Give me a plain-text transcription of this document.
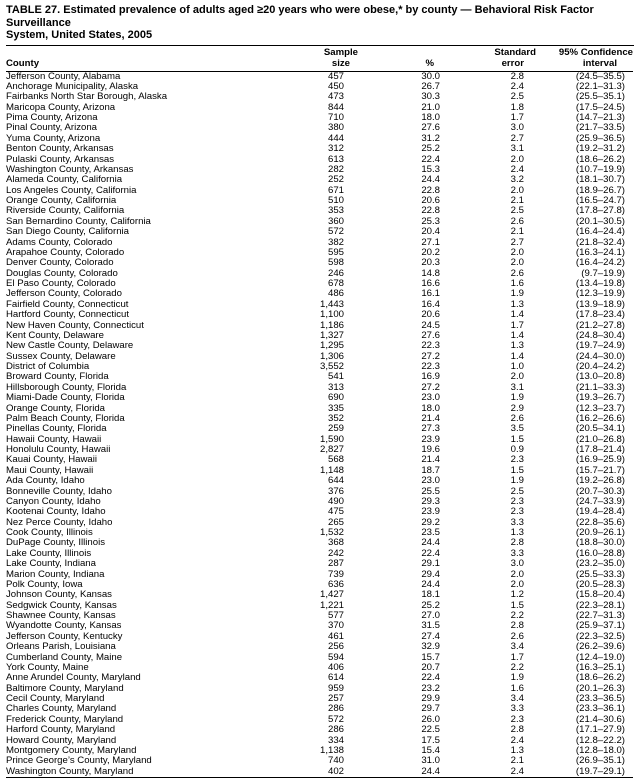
TABLE 27. Estimated prevalence of adults aged ≥20 years who were obese,* by county — Behavioral Risk Factor Surveillance
System, United States, 2005

	Sample		Standard	95% Confidence
County	size	%	error	interval
Jefferson County, Alabama	457	30.0	2.8	(24.5–35.5)
Anchorage Municipality, Alaska	450	26.7	2.4	(22.1–31.3)
Fairbanks North Star Borough, Alaska	473	30.3	2.5	(25.5–35.1)
Maricopa County, Arizona	844	21.0	1.8	(17.5–24.5)
Pima County, Arizona	710	18.0	1.7	(14.7–21.3)
Pinal County, Arizona	380	27.6	3.0	(21.7–33.5)
Yuma County, Arizona	444	31.2	2.7	(25.9–36.5)
Benton County, Arkansas	312	25.2	3.1	(19.2–31.2)
Pulaski County, Arkansas	613	22.4	2.0	(18.6–26.2)
Washington County, Arkansas	282	15.3	2.4	(10.7–19.9)
Alameda County, California	252	24.4	3.2	(18.1–30.7)
Los Angeles County, California	671	22.8	2.0	(18.9–26.7)
Orange County, California	510	20.6	2.1	(16.5–24.7)
Riverside County, California	353	22.8	2.5	(17.8–27.8)
San Bernardino County, California	360	25.3	2.6	(20.1–30.5)
San Diego County, California	572	20.4	2.1	(16.4–24.4)
Adams County, Colorado	382	27.1	2.7	(21.8–32.4)
Arapahoe County, Colorado	595	20.2	2.0	(16.3–24.1)
Denver County, Colorado	598	20.3	2.0	(16.4–24.2)
Douglas County, Colorado	246	14.8	2.6	(9.7–19.9)
El Paso County, Colorado	678	16.6	1.6	(13.4–19.8)
Jefferson County, Colorado	486	16.1	1.9	(12.3–19.9)
Fairfield County, Connecticut	1,443	16.4	1.3	(13.9–18.9)
Hartford County, Connecticut	1,100	20.6	1.4	(17.8–23.4)
New Haven County, Connecticut	1,186	24.5	1.7	(21.2–27.8)
Kent County, Delaware	1,327	27.6	1.4	(24.8–30.4)
New Castle County, Delaware	1,295	22.3	1.3	(19.7–24.9)
Sussex County, Delaware	1,306	27.2	1.4	(24.4–30.0)
District of Columbia	3,552	22.3	1.0	(20.4–24.2)
Broward County, Florida	541	16.9	2.0	(13.0–20.8)
Hillsborough County, Florida	313	27.2	3.1	(21.1–33.3)
Miami-Dade County, Florida	690	23.0	1.9	(19.3–26.7)
Orange County, Florida	335	18.0	2.9	(12.3–23.7)
Palm Beach County, Florida	352	21.4	2.6	(16.2–26.6)
Pinellas County, Florida	259	27.3	3.5	(20.5–34.1)
Hawaii County, Hawaii	1,590	23.9	1.5	(21.0–26.8)
Honolulu County, Hawaii	2,827	19.6	0.9	(17.8–21.4)
Kauai County, Hawaii	568	21.4	2.3	(16.9–25.9)
Maui County, Hawaii	1,148	18.7	1.5	(15.7–21.7)
Ada County, Idaho	644	23.0	1.9	(19.2–26.8)
Bonneville County, Idaho	376	25.5	2.5	(20.7–30.3)
Canyon County, Idaho	490	29.3	2.3	(24.7–33.9)
Kootenai County, Idaho	475	23.9	2.3	(19.4–28.4)
Nez Perce County, Idaho	265	29.2	3.3	(22.8–35.6)
Cook County, Illinois	1,532	23.5	1.3	(20.9–26.1)
DuPage County, Illinois	368	24.4	2.8	(18.8–30.0)
Lake County, Illinois	242	22.4	3.3	(16.0–28.8)
Lake County, Indiana	287	29.1	3.0	(23.2–35.0)
Marion County, Indiana	739	29.4	2.0	(25.5–33.3)
Polk County, Iowa	636	24.4	2.0	(20.5–28.3)
Johnson County, Kansas	1,427	18.1	1.2	(15.8–20.4)
Sedgwick County, Kansas	1,221	25.2	1.5	(22.3–28.1)
Shawnee County, Kansas	577	27.0	2.2	(22.7–31.3)
Wyandotte County, Kansas	370	31.5	2.8	(25.9–37.1)
Jefferson County, Kentucky	461	27.4	2.6	(22.3–32.5)
Orleans Parish, Louisiana	256	32.9	3.4	(26.2–39.6)
Cumberland County, Maine	594	15.7	1.7	(12.4–19.0)
York County, Maine	406	20.7	2.2	(16.3–25.1)
Anne Arundel County, Maryland	614	22.4	1.9	(18.6–26.2)
Baltimore County, Maryland	959	23.2	1.6	(20.1–26.3)
Cecil County, Maryland	257	29.9	3.4	(23.3–36.5)
Charles County, Maryland	286	29.7	3.3	(23.3–36.1)
Frederick County, Maryland	572	26.0	2.3	(21.4–30.6)
Harford County, Maryland	286	22.5	2.8	(17.1–27.9)
Howard County, Maryland	334	17.5	2.4	(12.8–22.2)
Montgomery County, Maryland	1,138	15.4	1.3	(12.8–18.0)
Prince George’s County, Maryland	740	31.0	2.1	(26.9–35.1)
Washington County, Maryland	402	24.4	2.4	(19.7–29.1)
